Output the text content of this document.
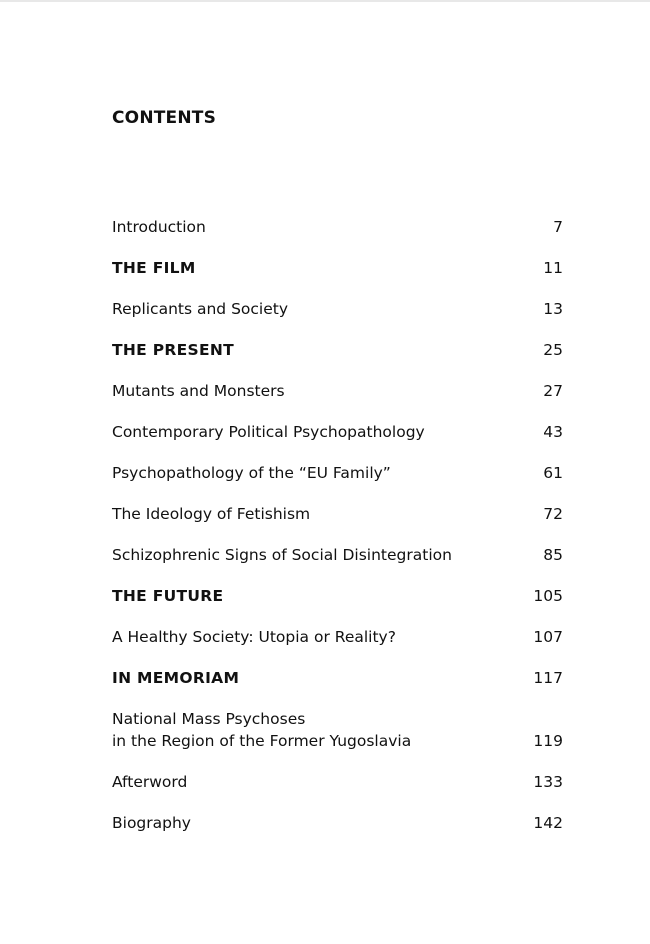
CONTENTS
Introduction	7
THE FILM	11
Replicants and Society	13
THE PRESENT	25
Mutants and Monsters	27
Contemporary Political Psychopathology	43
Psychopathology of the “EU Family”	61
The Ideology of Fetishism	72
Schizophrenic Signs of Social Disintegration	85
THE FUTURE	105
A Healthy Society: Utopia or Reality?	107
IN MEMORIAM	117
National Mass Psychoses
in the Region of the Former Yugoslavia	119
Afterword	133
Biography	142
